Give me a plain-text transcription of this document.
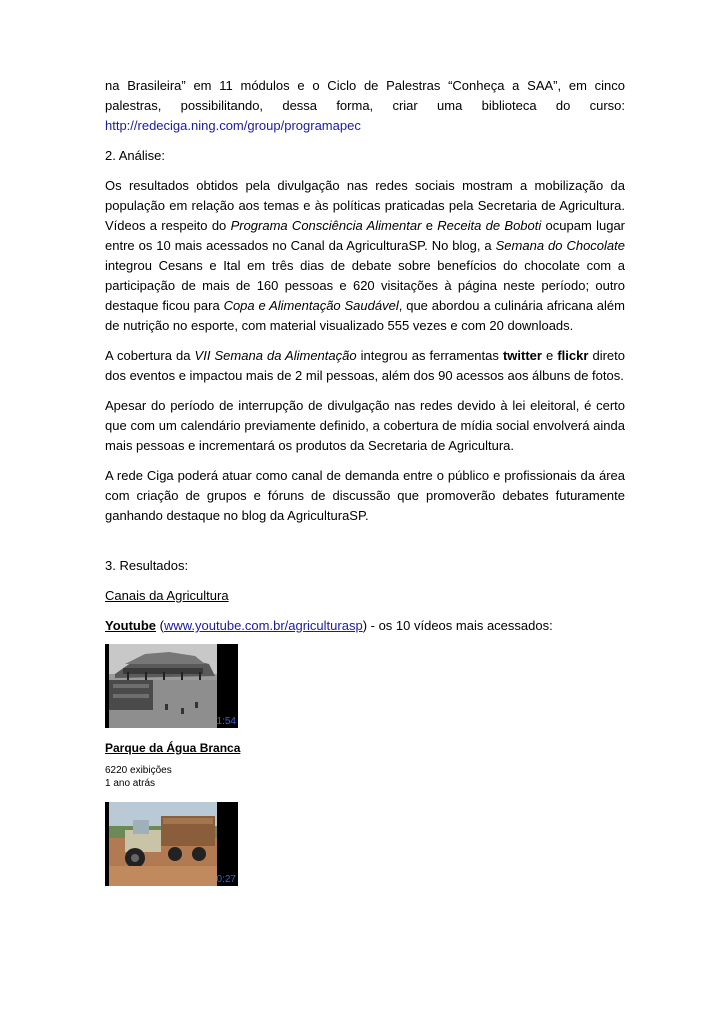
na Brasileira” em 11 módulos e o Ciclo de Palestras “Conheça a SAA”, em cinco palestras, possibilitando, dessa forma, criar uma biblioteca do curso: http://redeciga.ning.com/group/programapec

2. Análise:

Os resultados obtidos pela divulgação nas redes sociais mostram a mobilização da população em relação aos temas e às políticas praticadas pela Secretaria de Agricultura. Vídeos a respeito do Programa Consciência Alimentar e Receita de Boboti ocupam lugar entre os 10 mais acessados no Canal da AgriculturaSP. No blog, a Semana do Chocolate integrou Cesans e Ital em três dias de debate sobre benefícios do chocolate com a participação de mais de 160 pessoas e 620 visitações à página neste período; outro destaque ficou para Copa e Alimentação Saudável, que abordou a culinária africana além de nutrição no esporte, com material visualizado 555 vezes e com 20 downloads.

A cobertura da VII Semana da Alimentação integrou as ferramentas twitter e flickr direto dos eventos e impactou mais de 2 mil pessoas, além dos 90 acessos aos álbuns de fotos.

Apesar do período de interrupção de divulgação nas redes devido à lei eleitoral, é certo que com um calendário previamente definido, a cobertura de mídia social envolverá ainda mais pessoas e incrementará os produtos da Secretaria de Agricultura.

A rede Ciga poderá atuar como canal de demanda entre o público e profissionais da área com criação de grupos e fóruns de discussão que promoverão debates futuramente ganhando destaque no blog da AgriculturaSP.

3. Resultados:

Canais da Agricultura

Youtube (www.youtube.com.br/agriculturasp) - os 10 vídeos mais acessados:

1:54
Parque da Água Branca
6220 exibições
1 ano atrás
0:27
